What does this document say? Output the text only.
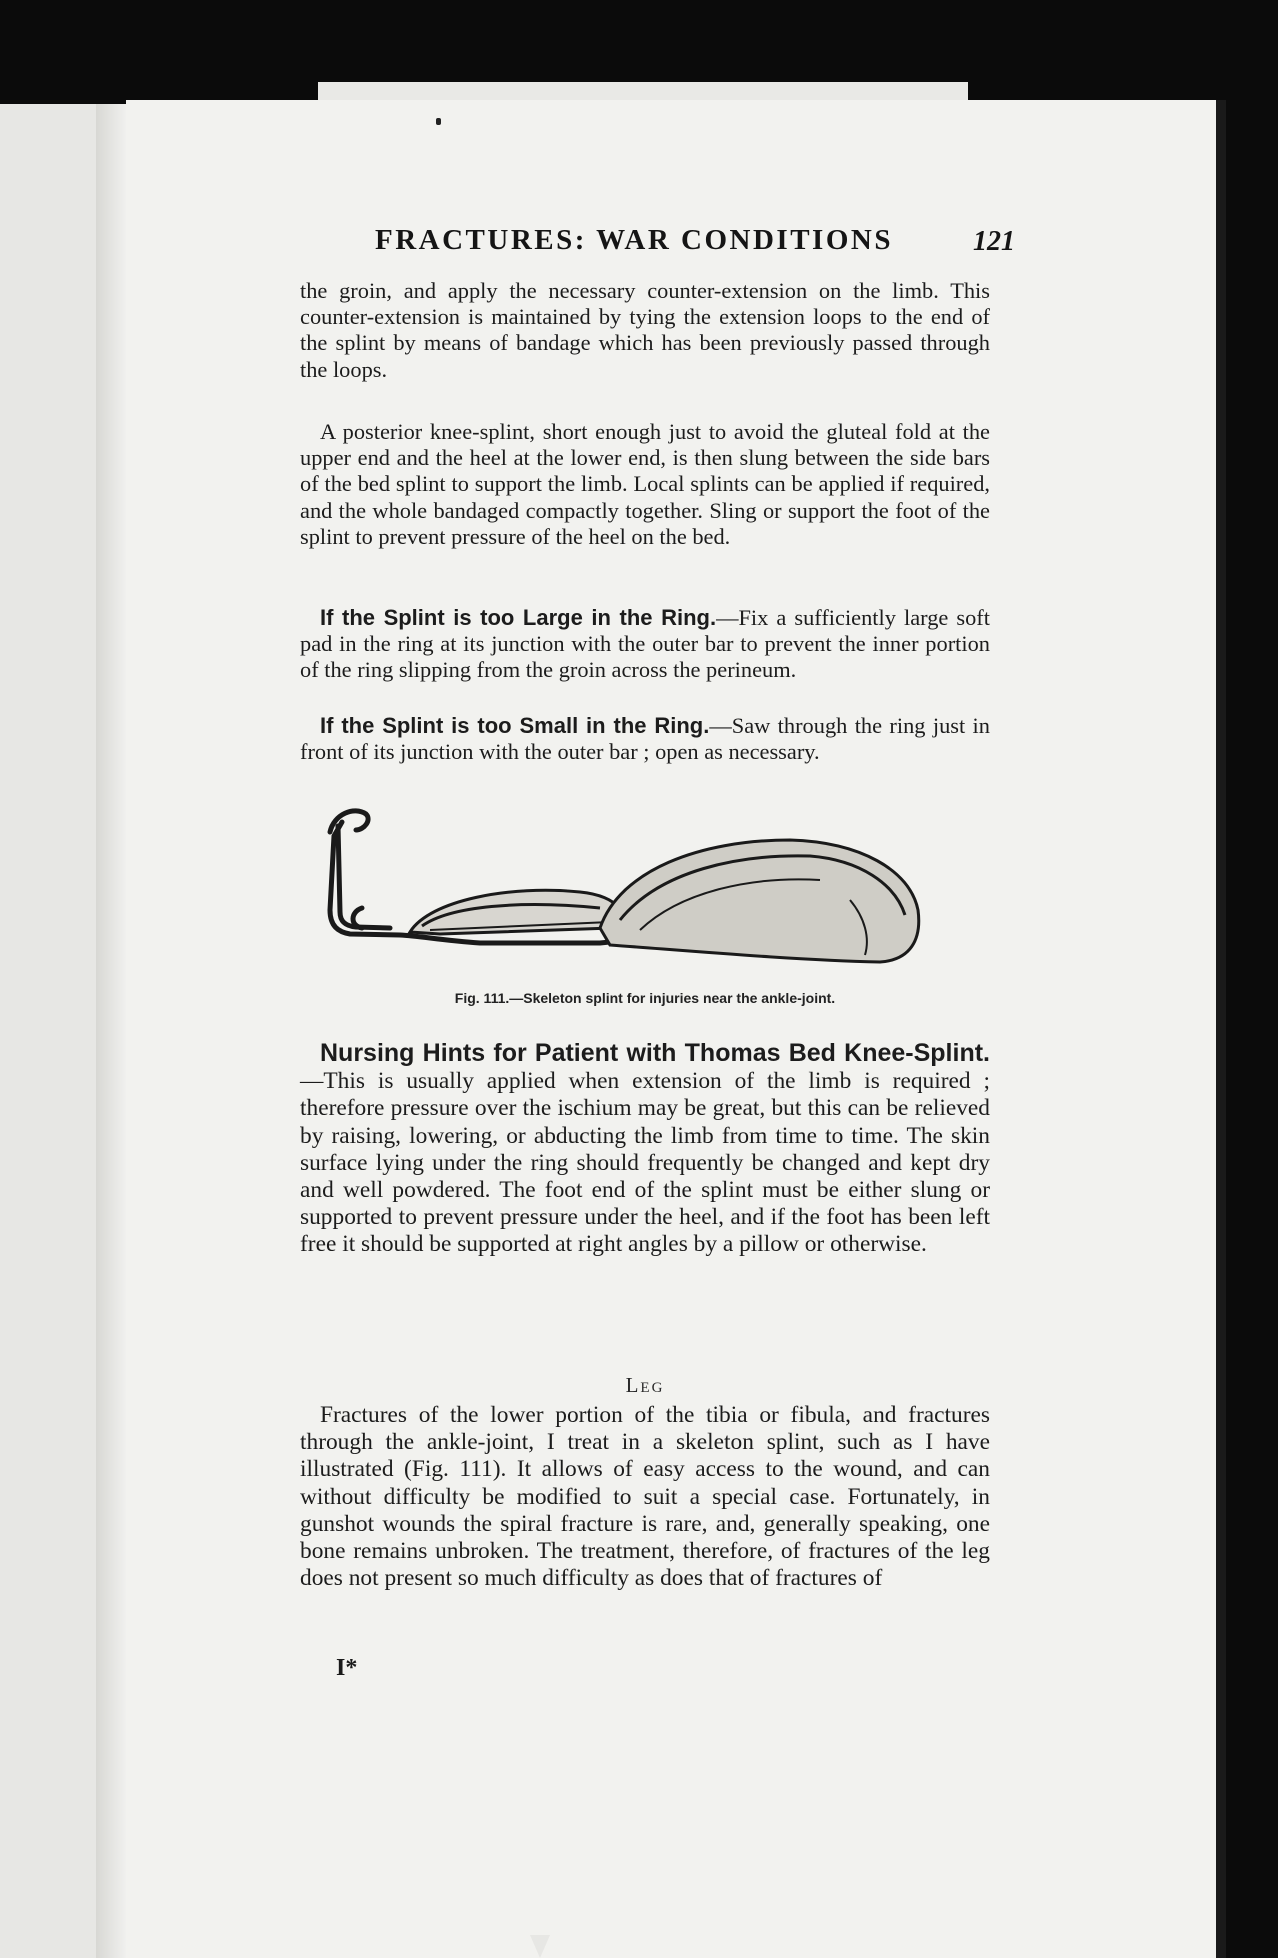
FRACTURES: WAR CONDITIONS	121

the groin, and apply the necessary counter-extension on the limb. This counter-extension is maintained by tying the extension loops to the end of the splint by means of bandage which has been previously passed through the loops.

A posterior knee-splint, short enough just to avoid the gluteal fold at the upper end and the heel at the lower end, is then slung between the side bars of the bed splint to support the limb. Local splints can be applied if required, and the whole bandaged compactly together. Sling or support the foot of the splint to prevent pressure of the heel on the bed.

If the Splint is too Large in the Ring.—Fix a sufficiently large soft pad in the ring at its junction with the outer bar to prevent the inner portion of the ring slipping from the groin across the perineum.

If the Splint is too Small in the Ring.—Saw through the ring just in front of its junction with the outer bar ; open as necessary.

Fig. 111.—Skeleton splint for injuries near the ankle-joint.

Nursing Hints for Patient with Thomas Bed Knee-Splint.—This is usually applied when extension of the limb is required ; therefore pressure over the ischium may be great, but this can be relieved by raising, lowering, or abducting the limb from time to time. The skin surface lying under the ring should frequently be changed and kept dry and well powdered. The foot end of the splint must be either slung or supported to prevent pressure under the heel, and if the foot has been left free it should be supported at right angles by a pillow or otherwise.

Leg

Fractures of the lower portion of the tibia or fibula, and fractures through the ankle-joint, I treat in a skeleton splint, such as I have illustrated (Fig. 111). It allows of easy access to the wound, and can without difficulty be modified to suit a special case. Fortunately, in gunshot wounds the spiral fracture is rare, and, generally speaking, one bone remains unbroken. The treatment, therefore, of fractures of the leg does not present so much difficulty as does that of fractures of

I*
